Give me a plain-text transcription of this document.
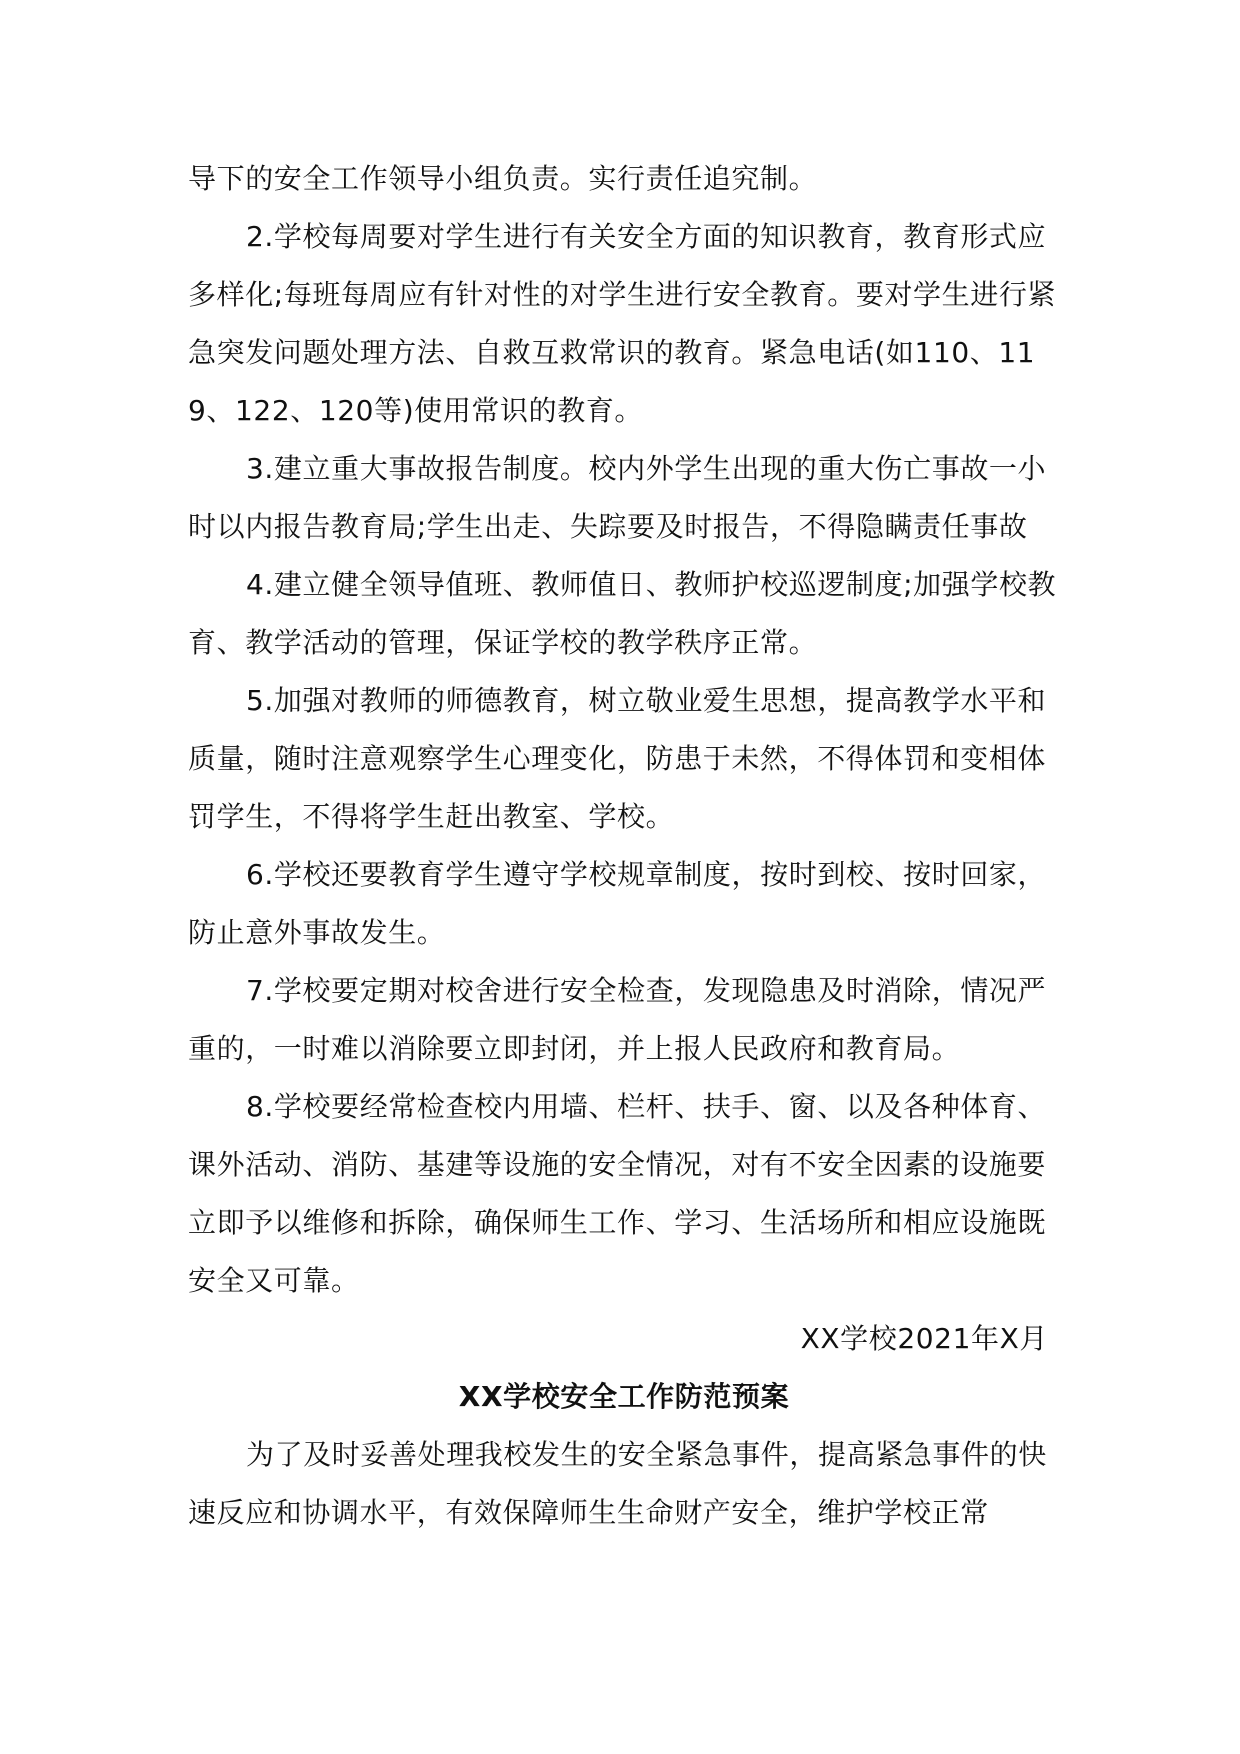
导下的安全工作领导小组负责。实行责任追究制。

2.学校每周要对学生进行有关安全方面的知识教育，教育形式应多样化;每班每周应有针对性的对学生进行安全教育。要对学生进行紧急突发问题处理方法、自救互救常识的教育。紧急电话(如110、119、122、120等)使用常识的教育。

3.建立重大事故报告制度。校内外学生出现的重大伤亡事故一小时以内报告教育局;学生出走、失踪要及时报告，不得隐瞒责任事故

4.建立健全领导值班、教师值日、教师护校巡逻制度;加强学校教育、教学活动的管理，保证学校的教学秩序正常。

5.加强对教师的师德教育，树立敬业爱生思想，提高教学水平和质量，随时注意观察学生心理变化，防患于未然，不得体罚和变相体罚学生，不得将学生赶出教室、学校。

6.学校还要教育学生遵守学校规章制度，按时到校、按时回家，防止意外事故发生。

7.学校要定期对校舍进行安全检查，发现隐患及时消除，情况严重的，一时难以消除要立即封闭，并上报人民政府和教育局。

8.学校要经常检查校内用墙、栏杆、扶手、窗、以及各种体育、课外活动、消防、基建等设施的安全情况，对有不安全因素的设施要立即予以维修和拆除，确保师生工作、学习、生活场所和相应设施既安全又可靠。

XX学校2021年X月

XX学校安全工作防范预案

为了及时妥善处理我校发生的安全紧急事件，提高紧急事件的快速反应和协调水平，有效保障师生生命财产安全，维护学校正常
